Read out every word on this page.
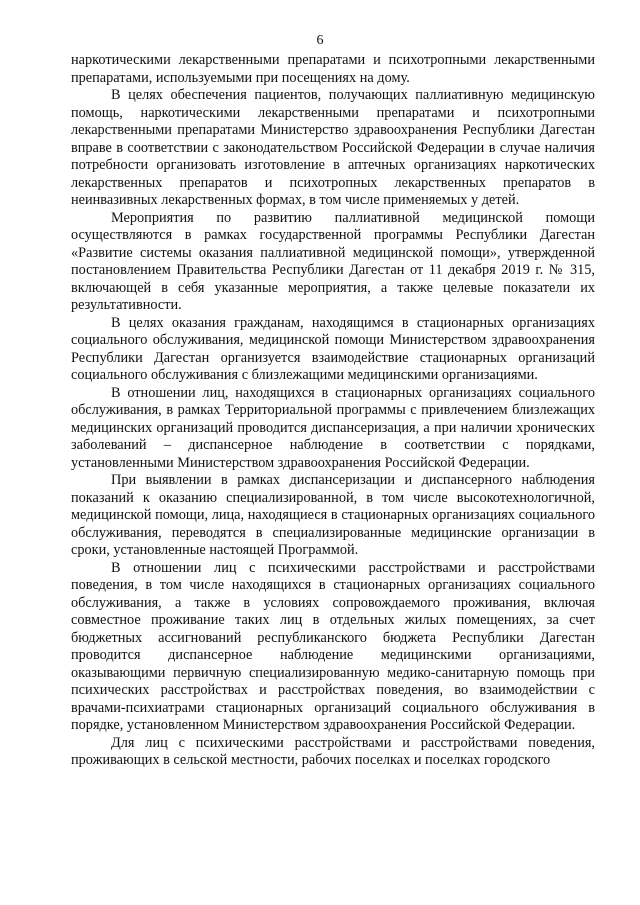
6

наркотическими лекарственными препаратами и психотропными лекарственными препаратами, используемыми при посещениях на дому.

В целях обеспечения пациентов, получающих паллиативную медицинскую помощь, наркотическими лекарственными препаратами и психотропными лекарственными препаратами Министерство здравоохранения Республики Дагестан вправе в соответствии с законодательством Российской Федерации в случае наличия потребности организовать изготовление в аптечных организациях наркотических лекарственных препаратов и психотропных лекарственных препаратов в неинвазивных лекарственных формах, в том числе применяемых у детей.

Мероприятия по развитию паллиативной медицинской помощи осуществляются в рамках государственной программы Республики Дагестан «Развитие системы оказания паллиативной медицинской помощи», утвержденной постановлением Правительства Республики Дагестан от 11 декабря 2019 г. № 315, включающей в себя указанные мероприятия, а также целевые показатели их результативности.

В целях оказания гражданам, находящимся в стационарных организациях социального обслуживания, медицинской помощи Министерством здравоохранения Республики Дагестан организуется взаимодействие стационарных организаций социального обслуживания с близлежащими медицинскими организациями.

В отношении лиц, находящихся в стационарных организациях социального обслуживания, в рамках Территориальной программы с привлечением близлежащих медицинских организаций проводится диспансеризация, а при наличии хронических заболеваний – диспансерное наблюдение в соответствии с порядками, установленными Министерством здравоохранения Российской Федерации.

При выявлении в рамках диспансеризации и диспансерного наблюдения показаний к оказанию специализированной, в том числе высокотехнологичной, медицинской помощи, лица, находящиеся в стационарных организациях социального обслуживания, переводятся в специализированные медицинские организации в сроки, установленные настоящей Программой.

В отношении лиц с психическими расстройствами и расстройствами поведения, в том числе находящихся в стационарных организациях социального обслуживания, а также в условиях сопровождаемого проживания, включая совместное проживание таких лиц в отдельных жилых помещениях, за счет бюджетных ассигнований республиканского бюджета Республики Дагестан проводится диспансерное наблюдение медицинскими организациями, оказывающими первичную специализированную медико-санитарную помощь при психических расстройствах и расстройствах поведения, во взаимодействии с врачами-психиатрами стационарных организаций социального обслуживания в порядке, установленном Министерством здравоохранения Российской Федерации.

Для лиц с психическими расстройствами и расстройствами поведения, проживающих в сельской местности, рабочих поселках и поселках городского
